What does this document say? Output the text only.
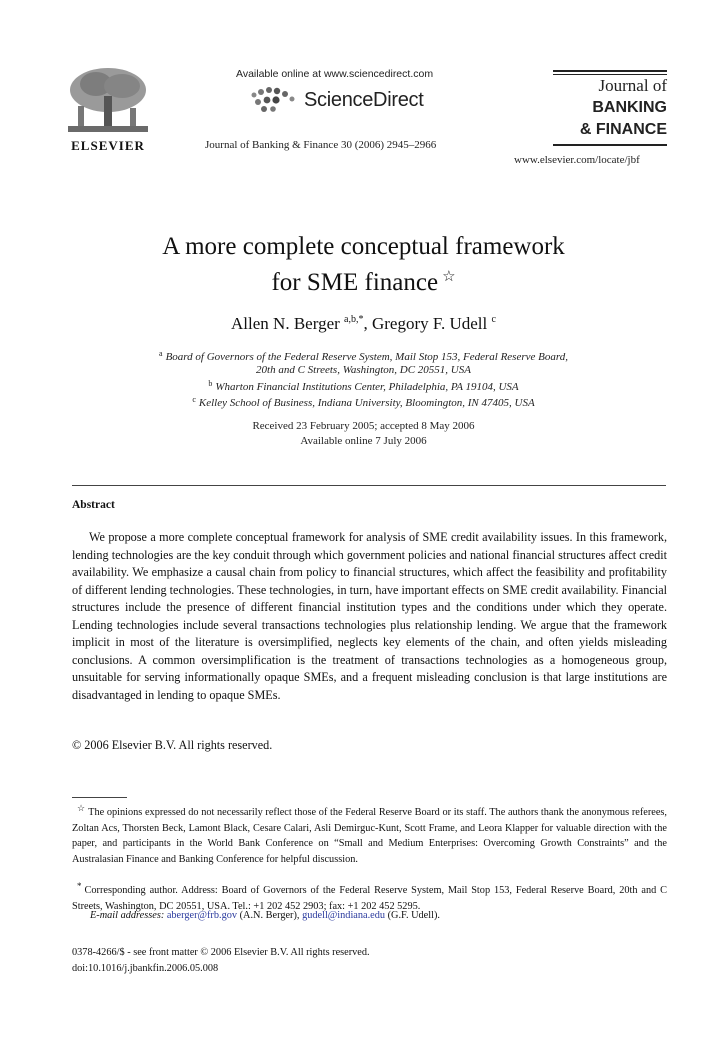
ELSEVIER
Available online at www.sciencedirect.com
ScienceDirect
Journal of Banking & Finance 30 (2006) 2945–2966
Journal of
BANKING
& FINANCE
www.elsevier.com/locate/jbf
A more complete conceptual framework
for SME finance ☆
Allen N. Berger $^{a,b,*}$, Gregory F. Udell $^c$
$^a$ Board of Governors of the Federal Reserve System, Mail Stop 153, Federal Reserve Board,
20th and C Streets, Washington, DC 20551, USA
$^b$ Wharton Financial Institutions Center, Philadelphia, PA 19104, USA
$^c$ Kelley School of Business, Indiana University, Bloomington, IN 47405, USA
Received 23 February 2005; accepted 8 May 2006
Available online 7 July 2006
Abstract
We propose a more complete conceptual framework for analysis of SME credit availability issues. In this framework, lending technologies are the key conduit through which government policies and national financial structures affect credit availability. We emphasize a causal chain from policy to financial structures, which affect the feasibility and profitability of different lending technologies. These technologies, in turn, have important effects on SME credit availability. Financial structures include the presence of different financial institution types and the conditions under which they operate. Lending technologies include several transactions technologies plus relationship lending. We argue that the framework implicit in most of the literature is oversimplified, neglects key elements of the chain, and often yields misleading conclusions. A common oversimplification is the treatment of transactions technologies as a homogeneous group, unsuitable for serving informationally opaque SMEs, and a frequent misleading conclusion is that large institutions are disadvantaged in lending to opaque SMEs.
© 2006 Elsevier B.V. All rights reserved.
☆ The opinions expressed do not necessarily reflect those of the Federal Reserve Board or its staff. The authors thank the anonymous referees, Zoltan Acs, Thorsten Beck, Lamont Black, Cesare Calari, Asli Demirguc-Kunt, Scott Frame, and Leora Klapper for valuable direction with the paper, and participants in the World Bank Conference on “Small and Medium Enterprises: Overcoming Growth Constraints” and the Australasian Finance and Banking Conference for helpful discussion.
* Corresponding author. Address: Board of Governors of the Federal Reserve System, Mail Stop 153, Federal Reserve Board, 20th and C Streets, Washington, DC 20551, USA. Tel.: +1 202 452 2903; fax: +1 202 452 5295.
E-mail addresses: aberger@frb.gov (A.N. Berger), gudell@indiana.edu (G.F. Udell).
0378-4266/$ - see front matter © 2006 Elsevier B.V. All rights reserved.
doi:10.1016/j.jbankfin.2006.05.008
